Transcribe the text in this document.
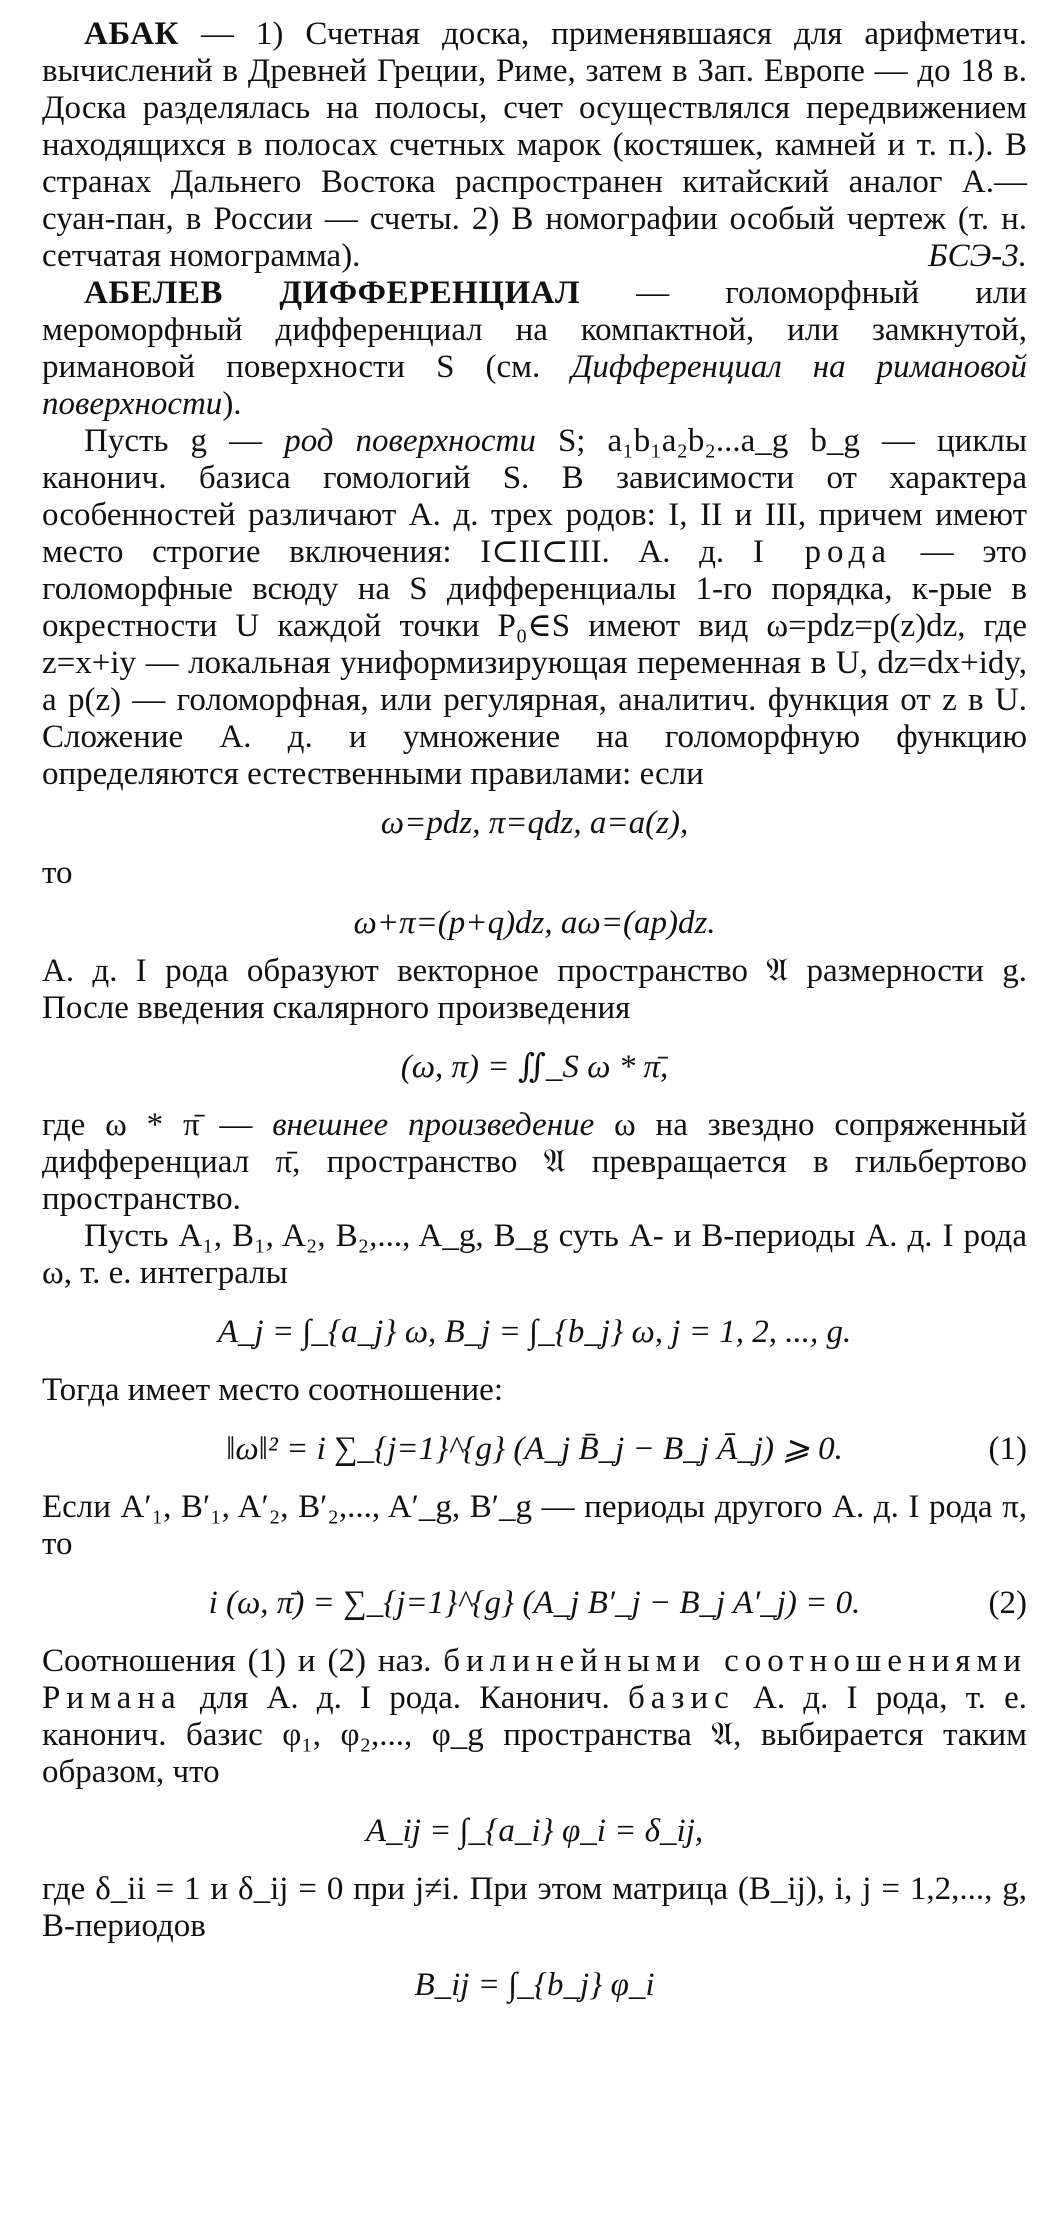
АБАК — 1) Счетная доска, применявшаяся для арифметич. вычислений в Древней Греции, Риме, затем в Зап. Европе — до 18 в. Доска разделялась на полосы, счет осуществлялся передвижением находящихся в полосах счетных марок (костяшек, камней и т. п.). В странах Дальнего Востока распространен китайский аналог А.— суан-пан, в России — счеты. 2) В номографии особый чертеж (т. н. сетчатая номограмма).	БСЭ-3.

АБЕЛЕВ ДИФФЕРЕНЦИАЛ — голоморфный или мероморфный дифференциал на компактной, или замкнутой, римановой поверхности S (см. Дифференциал на римановой поверхности).

Пусть g — род поверхности S; a₁b₁a₂b₂...a_g b_g — циклы канонич. базиса гомологий S. В зависимости от характера особенностей различают А. д. трех родов: I, II и III, причем имеют место строгие включения: I⊂II⊂III. А. д. I рода — это голоморфные всюду на S дифференциалы 1-го порядка, к-рые в окрестности U каждой точки P₀∈S имеют вид ω=pdz=p(z)dz, где z=x+iy — локальная униформизирующая переменная в U, dz=dx+idy, а p(z) — голоморфная, или регулярная, аналитич. функция от z в U. Сложение А. д. и умножение на голоморфную функцию определяются естественными правилами: если

ω=pdz, π=qdz, a=a(z),

то

ω+π=(p+q)dz, aω=(ap)dz.

А. д. I рода образуют векторное пространство 𝔄 размерности g. После введения скалярного произведения

(ω, π) = ∬_S ω * π̄,

где ω * π̄ — внешнее произведение ω на звездно сопряженный дифференциал π̄, пространство 𝔄 превращается в гильбертово пространство.

Пусть A₁, B₁, A₂, B₂,..., A_g, B_g суть A- и B-периоды А. д. I рода ω, т. е. интегралы

A_j = ∫_{a_j} ω, B_j = ∫_{b_j} ω, j = 1, 2, ..., g.

Тогда имеет место соотношение:

‖ω‖² = i ∑_{j=1}^{g} (A_j B̄_j − B_j Ā_j) ⩾ 0.	(1)

Если A′₁, B′₁, A′₂, B′₂,..., A′_g, B′_g — периоды другого А. д. I рода π, то

i (ω, π̄) = ∑_{j=1}^{g} (A_j B′_j − B_j A′_j) = 0.	(2)

Соотношения (1) и (2) наз. билинейными соотношениями Римана для А. д. I рода. Канонич. базис А. д. I рода, т. е. канонич. базис φ₁, φ₂,..., φ_g пространства 𝔄, выбирается таким образом, что

A_ij = ∫_{a_i} φ_i = δ_ij,

где δ_ii = 1 и δ_ij = 0 при j≠i. При этом матрица (B_ij), i, j = 1,2,..., g, B-периодов

B_ij = ∫_{b_j} φ_i
